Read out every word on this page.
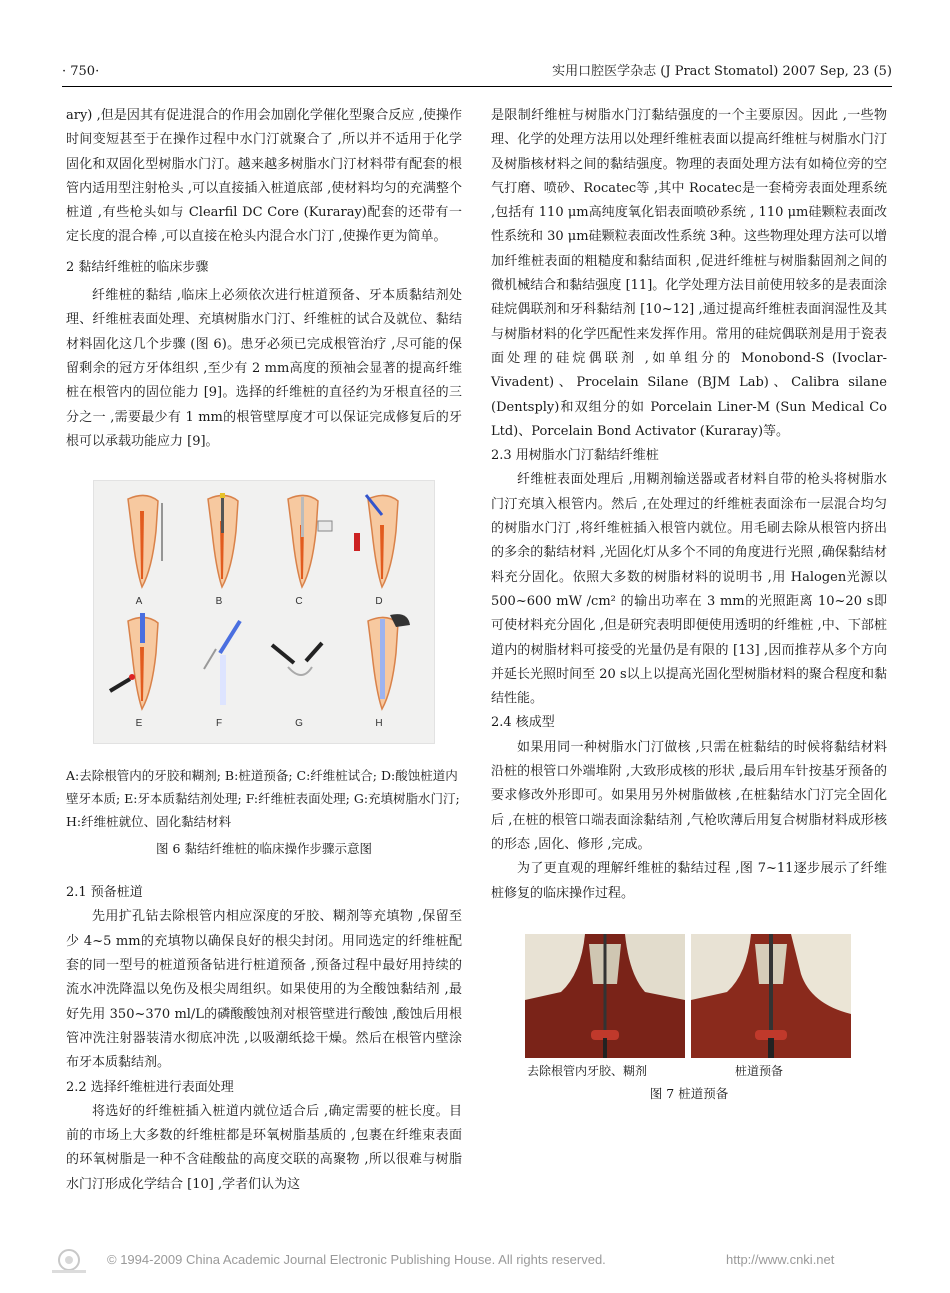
· 750·	实用口腔医学杂志 (J Pract Stomatol) 2007 Sep, 23 (5)

ary) ,但是因其有促进混合的作用会加剧化学催化型聚合反应 ,使操作时间变短甚至于在操作过程中水门汀就聚合了 ,所以并不适用于化学固化和双固化型树脂水门汀。越来越多树脂水门汀材料带有配套的根管内适用型注射枪头 ,可以直接插入桩道底部 ,使材料均匀的充满整个桩道 ,有些枪头如与 Clearfil DC Core (Kuraray)配套的还带有一定长度的混合棒 ,可以直接在枪头内混合水门汀 ,使操作更为简单。

2 黏结纤维桩的临床步骤

纤维桩的黏结 ,临床上必须依次进行桩道预备、牙本质黏结剂处理、纤维桩表面处理、充填树脂水门汀、纤维桩的试合及就位、黏结材料固化这几个步骤 (图 6)。患牙必须已完成根管治疗 ,尽可能的保留剩余的冠方牙体组织 ,至少有 2 mm高度的预袖会显著的提高纤维桩在根管内的固位能力 [9]。选择的纤维桩的直径约为牙根直径的三分之一 ,需要最少有 1 mm的根管壁厚度才可以保证完成修复后的牙根可以承载功能应力 [9]。

A	B	C	D
E	F	G	H

A:去除根管内的牙胶和糊剂; B:桩道预备; C:纤维桩试合; D:酸蚀桩道内壁牙本质; E:牙本质黏结剂处理; F:纤维桩表面处理; G:充填树脂水门汀; H:纤维桩就位、固化黏结材料

图 6 黏结纤维桩的临床操作步骤示意图
2.1 预备桩道

先用扩孔钻去除根管内相应深度的牙胶、糊剂等充填物 ,保留至少 4~5 mm的充填物以确保良好的根尖封闭。用同选定的纤维桩配套的同一型号的桩道预备钻进行桩道预备 ,预备过程中最好用持续的流水冲洗降温以免伤及根尖周组织。如果使用的为全酸蚀黏结剂 ,最好先用 350~370 ml/L的磷酸酸蚀剂对根管壁进行酸蚀 ,酸蚀后用根管冲洗注射器装清水彻底冲洗 ,以吸潮纸捻干燥。然后在根管内壁涂布牙本质黏结剂。

2.2 选择纤维桩进行表面处理

将选好的纤维桩插入桩道内就位适合后 ,确定需要的桩长度。目前的市场上大多数的纤维桩都是环氧树脂基质的 ,包裹在纤维束表面的环氧树脂是一种不含硅酸盐的高度交联的高聚物 ,所以很难与树脂水门汀形成化学结合 [10] ,学者们认为这

是限制纤维桩与树脂水门汀黏结强度的一个主要原因。因此 ,一些物理、化学的处理方法用以处理纤维桩表面以提高纤维桩与树脂水门汀及树脂核材料之间的黏结强度。物理的表面处理方法有如椅位旁的空气打磨、喷砂、Rocatec等 ,其中 Rocatec是一套椅旁表面处理系统 ,包括有 110 μm高纯度氧化铝表面喷砂系统 , 110 μm硅颗粒表面改性系统和 30 μm硅颗粒表面改性系统 3种。这些物理处理方法可以增加纤维桩表面的粗糙度和黏结面积 ,促进纤维桩与树脂黏固剂之间的微机械结合和黏结强度 [11]。化学处理方法目前使用较多的是表面涂硅烷偶联剂和牙科黏结剂 [10~12] ,通过提高纤维桩表面润湿性及其与树脂材料的化学匹配性来发挥作用。常用的硅烷偶联剂是用于瓷表面处理的硅烷偶联剂 ,如单组分的 Monobond-S (Ivoclar-Vivadent)、Procelain Silane (BJM Lab)、Calibra silane (Dentsply)和双组分的如 Porcelain Liner-M (Sun Medical Co Ltd)、Porcelain Bond Activator (Kuraray)等。

2.3 用树脂水门汀黏结纤维桩

纤维桩表面处理后 ,用糊剂输送器或者材料自带的枪头将树脂水门汀充填入根管内。然后 ,在处理过的纤维桩表面涂布一层混合均匀的树脂水门汀 ,将纤维桩插入根管内就位。用毛刷去除从根管内挤出的多余的黏结材料 ,光固化灯从多个不同的角度进行光照 ,确保黏结材料充分固化。依照大多数的树脂材料的说明书 ,用 Halogen光源以 500~600 mW /cm² 的输出功率在 3 mm的光照距离 10~20 s即可使材料充分固化 ,但是研究表明即便使用透明的纤维桩 ,中、下部桩道内的树脂材料可接受的光量仍是有限的 [13] ,因而推荐从多个方向并延长光照时间至 20 s以上以提高光固化型树脂材料的聚合程度和黏结性能。

2.4 核成型

如果用同一种树脂水门汀做核 ,只需在桩黏结的时候将黏结材料沿桩的根管口外端堆附 ,大致形成核的形状 ,最后用车针按基牙预备的要求修改外形即可。如果用另外树脂做核 ,在桩黏结水门汀完全固化后 ,在桩的根管口端表面涂黏结剂 ,气枪吹薄后用复合树脂材料成形核的形态 ,固化、修形 ,完成。

为了更直观的理解纤维桩的黏结过程 ,图 7~11逐步展示了纤维桩修复的临床操作过程。

去除根管内牙胶、糊剂	桩道预备
图 7 桩道预备
© 1994-2009 China Academic Journal Electronic Publishing House. All rights reserved.	http://www.cnki.net
